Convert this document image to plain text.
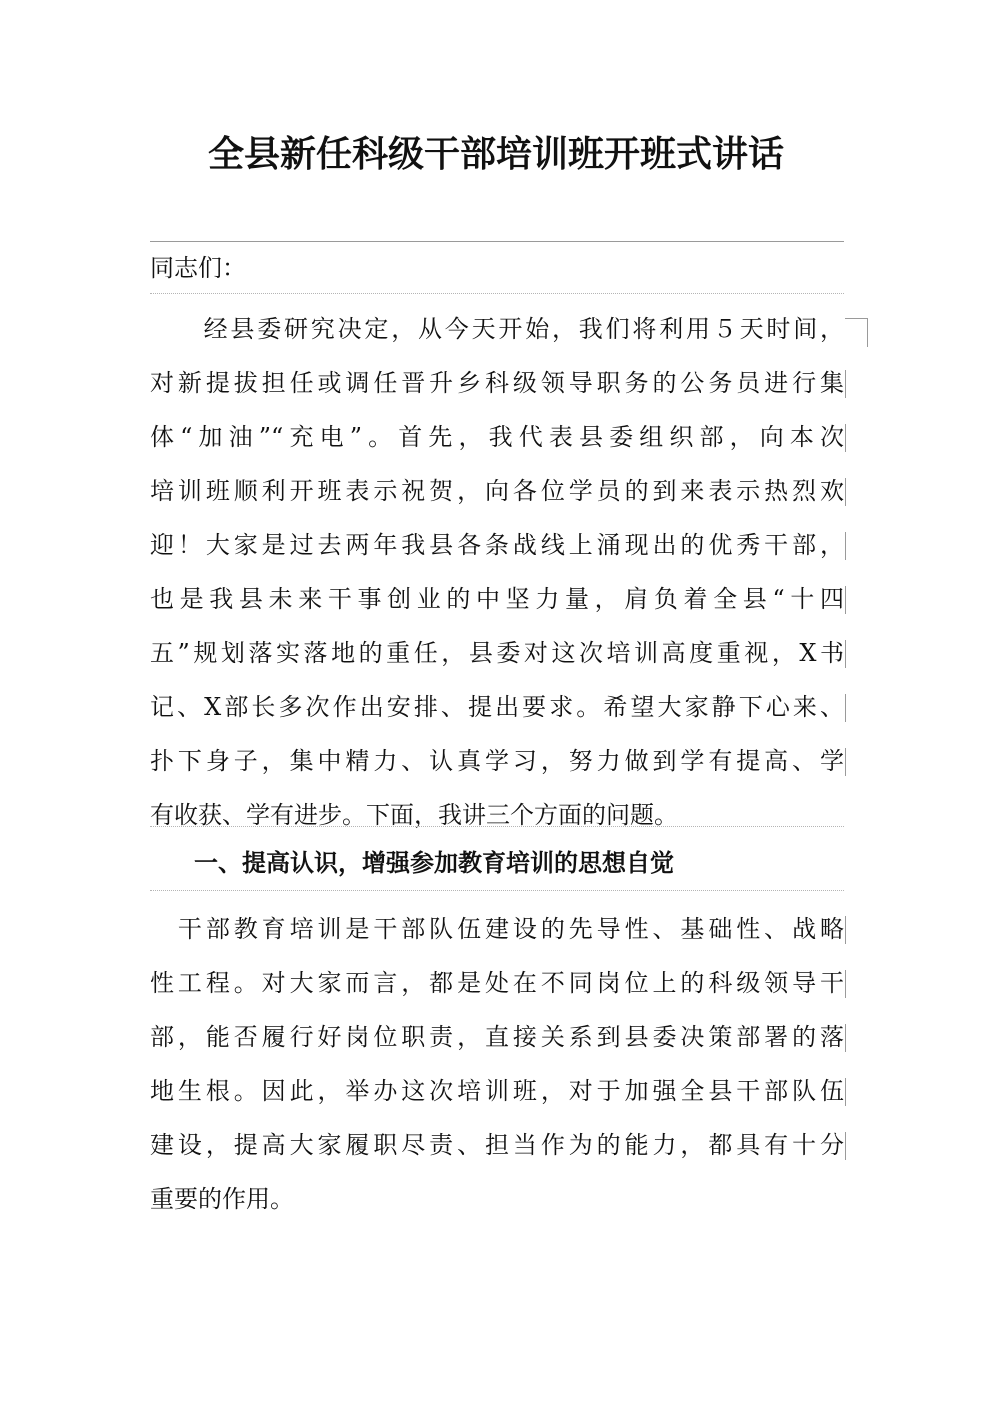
全县新任科级干部培训班开班式讲话
同志们：
　　经县委研究决定，从今天开始，我们将利用５天时间，
对新提拔担任或调任晋升乡科级领导职务的公务员进行集
体“加油”“充电”。首先，我代表县委组织部，向本次
培训班顺利开班表示祝贺，向各位学员的到来表示热烈欢
迎！大家是过去两年我县各条战线上涌现出的优秀干部，
也是我县未来干事创业的中坚力量，肩负着全县“十四
五”规划落实落地的重任，县委对这次培训高度重视，X书
记、X部长多次作出安排、提出要求。希望大家静下心来、
扑下身子，集中精力、认真学习，努力做到学有提高、学
有收获、学有进步。下面，我讲三个方面的问题。
一、提高认识，增强参加教育培训的思想自觉
　干部教育培训是干部队伍建设的先导性、基础性、战略
性工程。对大家而言，都是处在不同岗位上的科级领导干
部，能否履行好岗位职责，直接关系到县委决策部署的落
地生根。因此，举办这次培训班，对于加强全县干部队伍
建设，提高大家履职尽责、担当作为的能力，都具有十分
重要的作用。
